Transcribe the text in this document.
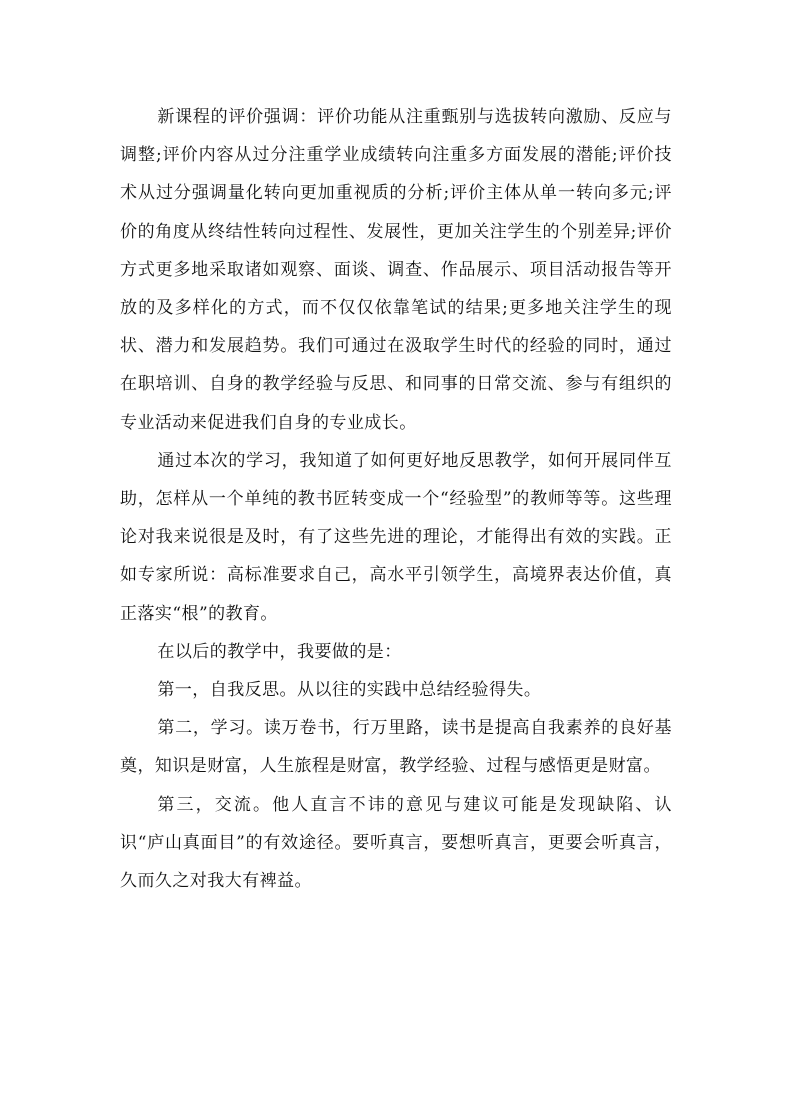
新课程的评价强调：评价功能从注重甄别与选拔转向激励、反应与调整;评价内容从过分注重学业成绩转向注重多方面发展的潜能;评价技术从过分强调量化转向更加重视质的分析;评价主体从单一转向多元;评价的角度从终结性转向过程性、发展性，更加关注学生的个别差异;评价方式更多地采取诸如观察、面谈、调查、作品展示、项目活动报告等开放的及多样化的方式，而不仅仅依靠笔试的结果;更多地关注学生的现状、潜力和发展趋势。我们可通过在汲取学生时代的经验的同时，通过在职培训、自身的教学经验与反思、和同事的日常交流、参与有组织的专业活动来促进我们自身的专业成长。

通过本次的学习，我知道了如何更好地反思教学，如何开展同伴互助，怎样从一个单纯的教书匠转变成一个“经验型”的教师等等。这些理论对我来说很是及时，有了这些先进的理论，才能得出有效的实践。正如专家所说：高标准要求自己，高水平引领学生，高境界表达价值，真正落实“根”的教育。

在以后的教学中，我要做的是：

第一，自我反思。从以往的实践中总结经验得失。

第二，学习。读万卷书，行万里路，读书是提高自我素养的良好基奠，知识是财富，人生旅程是财富，教学经验、过程与感悟更是财富。

第三，交流。他人直言不讳的意见与建议可能是发现缺陷、认识“庐山真面目”的有效途径。要听真言，要想听真言，更要会听真言，久而久之对我大有裨益。
